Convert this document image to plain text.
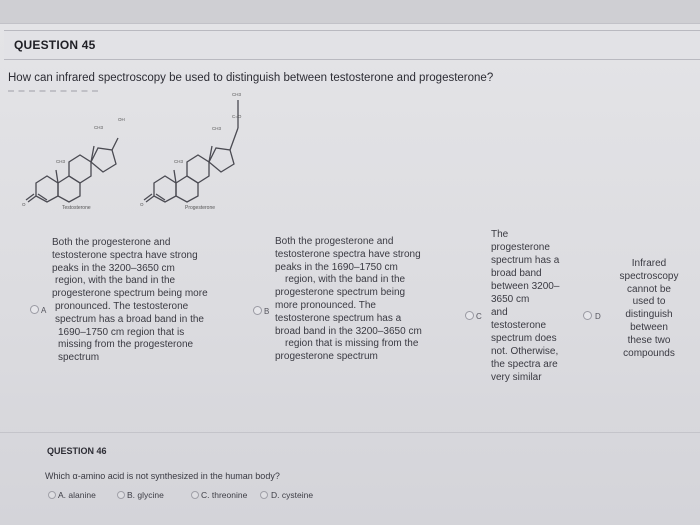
QUESTION 45
How can infrared spectroscopy be used to distinguish between testosterone and progesterone?
OH
CH3
CH3
O
Testosterone
CH3
C=O
CH3
CH3
O
Progesterone
A
Both the progesterone and
testosterone spectra have strong
peaks in the 3200–3650 cm
region, with the band in the
progesterone spectrum being more
pronounced. The testosterone
spectrum has a broad band in the
1690–1750 cm region that is
missing from the progesterone
spectrum
B
Both the progesterone and
testosterone spectra have strong
peaks in the 1690–1750 cm
region, with the band in the
progesterone spectrum being
more pronounced. The
testosterone spectrum has a
broad band in the 3200–3650 cm
region that is missing from the
progesterone spectrum
C
The
progesterone
spectrum has a
broad band
between 3200–
3650 cm
and
testosterone
spectrum does
not. Otherwise,
the spectra are
very similar
D
Infrared
spectroscopy
cannot be
used to
distinguish
between
these two
compounds
QUESTION 46
Which α-amino acid is not synthesized in the human body?
A. alanine	B. glycine	C. threonine	D. cysteine
